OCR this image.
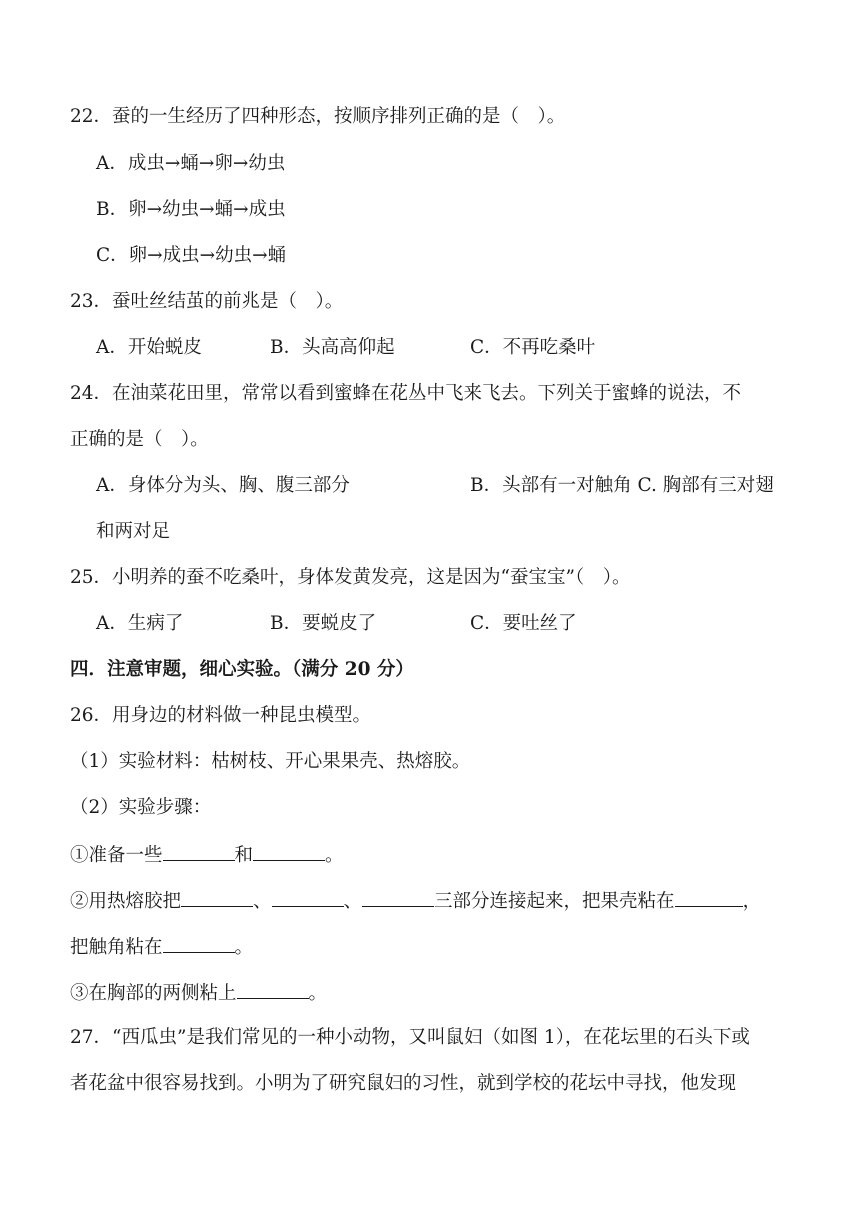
22．蚕的一生经历了四种形态，按顺序排列正确的是（　）。
A．成虫→蛹→卵→幼虫
B．卵→幼虫→蛹→成虫
C．卵→成虫→幼虫→蛹
23．蚕吐丝结茧的前兆是（　）。
A．开始蜕皮	B．头高高仰起	C．不再吃桑叶
24．在油菜花田里，常常以看到蜜蜂在花丛中飞来飞去。下列关于蜜蜂的说法，不
正确的是（　）。
A．身体分为头、胸、腹三部分	B．头部有一对触角 C. 胸部有三对翅
和两对足
25．小明养的蚕不吃桑叶，身体发黄发亮，这是因为“蚕宝宝”（　）。
A．生病了	B．要蜕皮了	C．要吐丝了
四．注意审题，细心实验。（满分 20 分）
26．用身边的材料做一种昆虫模型。
（1）实验材料：枯树枝、开心果果壳、热熔胶。
（2）实验步骤：
①准备一些	和	。
②用热熔胶把	、	、	三部分连接起来，把果壳粘在	，
把触角粘在	。
③在胸部的两侧粘上	。
27．“西瓜虫”是我们常见的一种小动物，又叫鼠妇（如图 1），在花坛里的石头下或
者花盆中很容易找到。小明为了研究鼠妇的习性，就到学校的花坛中寻找，他发现
